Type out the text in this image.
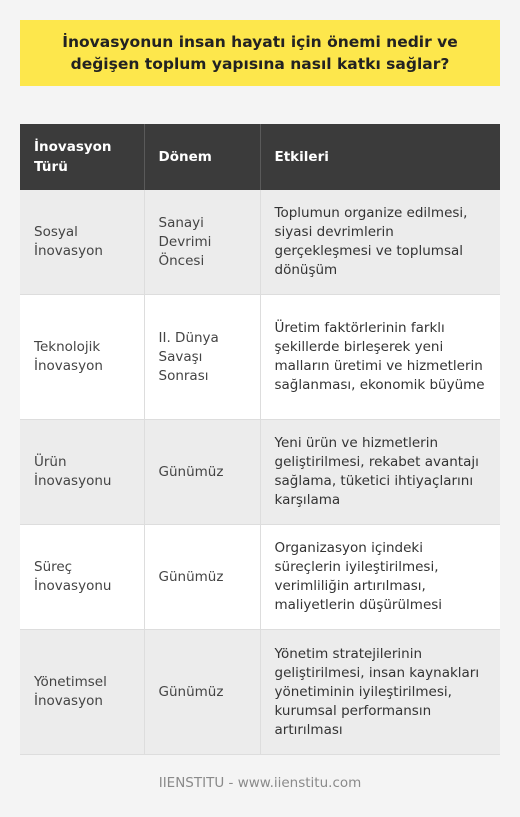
İnovasyonun insan hayatı için önemi nedir ve değişen toplum yapısına nasıl katkı sağlar?
İnovasyon Türü	Dönem	Etkileri
Sosyal İnovasyon	Sanayi Devrimi Öncesi	Toplumun organize edilmesi, siyasi devrimlerin gerçekleşmesi ve toplumsal dönüşüm
Teknolojik İnovasyon	II. Dünya Savaşı Sonrası	Üretim faktörlerinin farklı şekillerde birleşerek yeni malların üretimi ve hizmetlerin sağlanması, ekonomik büyüme
Ürün İnovasyonu	Günümüz	Yeni ürün ve hizmetlerin geliştirilmesi, rekabet avantajı sağlama, tüketici ihtiyaçlarını karşılama
Süreç İnovasyonu	Günümüz	Organizasyon içindeki süreçlerin iyileştirilmesi, verimliliğin artırılması, maliyetlerin düşürülmesi
Yönetimsel İnovasyon	Günümüz	Yönetim stratejilerinin geliştirilmesi, insan kaynakları yönetiminin iyileştirilmesi, kurumsal performansın artırılması
IIENSTITU - www.iienstitu.com
